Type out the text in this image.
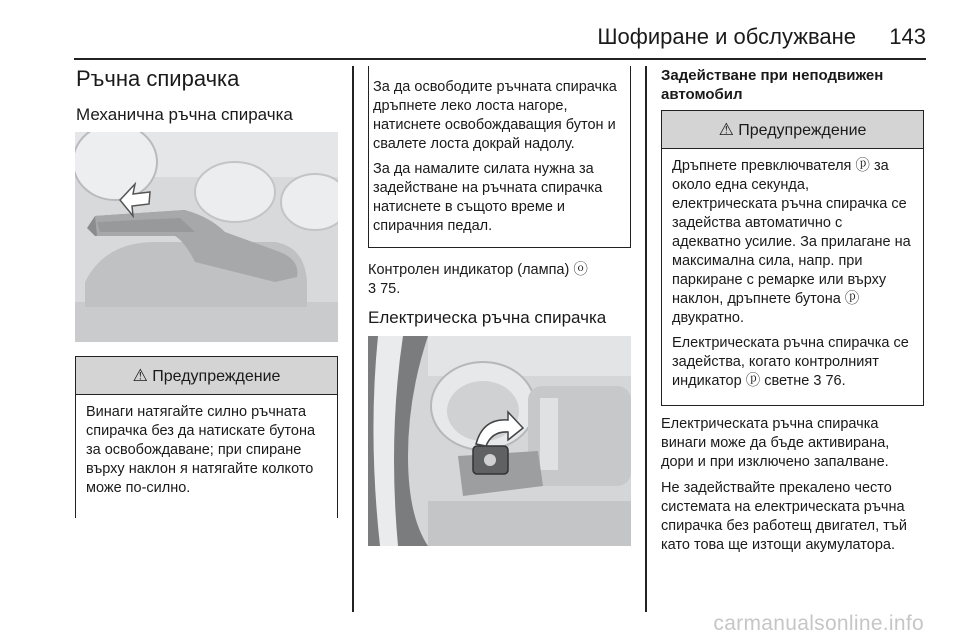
Шофиране и обслужване 143
Ръчна спирачка
Механична ръчна спирачка
⚠ Предупреждение

Винаги натягайте силно ръчната спирачка без да натискате бутона за освобождаване; при спиране върху наклон я натягайте колкото може по-силно.

За да освободите ръчната спирачка дръпнете леко лоста нагоре, натиснете освобождаващия бутон и свалете лоста докрай надолу.

За да намалите силата нужна за задействане на ръчната спирачка натиснете в същото време и спирачния педал.

Контролен индикатор (лампа) ⓞ
3 75.
Електрическа ръчна спирачка
Задействане при неподвижен автомобил
⚠ Предупреждение

Дръпнете превключвателя ⓟ за около една секунда, електрическата ръчна спирачка се задейства автоматично с адекватно усилие. За прилагане на максимална сила, напр. при паркиране с ремарке или върху наклон, дръпнете бутона ⓟ двукратно.

Електрическата ръчна спирачка се задейства, когато контролният индикатор ⓟ светне 3 76.

Електрическата ръчна спирачка винаги може да бъде активирана, дори и при изключено запалване.
Не задействайте прекалено често системата на електрическата ръчна спирачка без работещ двигател, тъй като това ще изтощи акумулатора.
carmanualsonline.info
